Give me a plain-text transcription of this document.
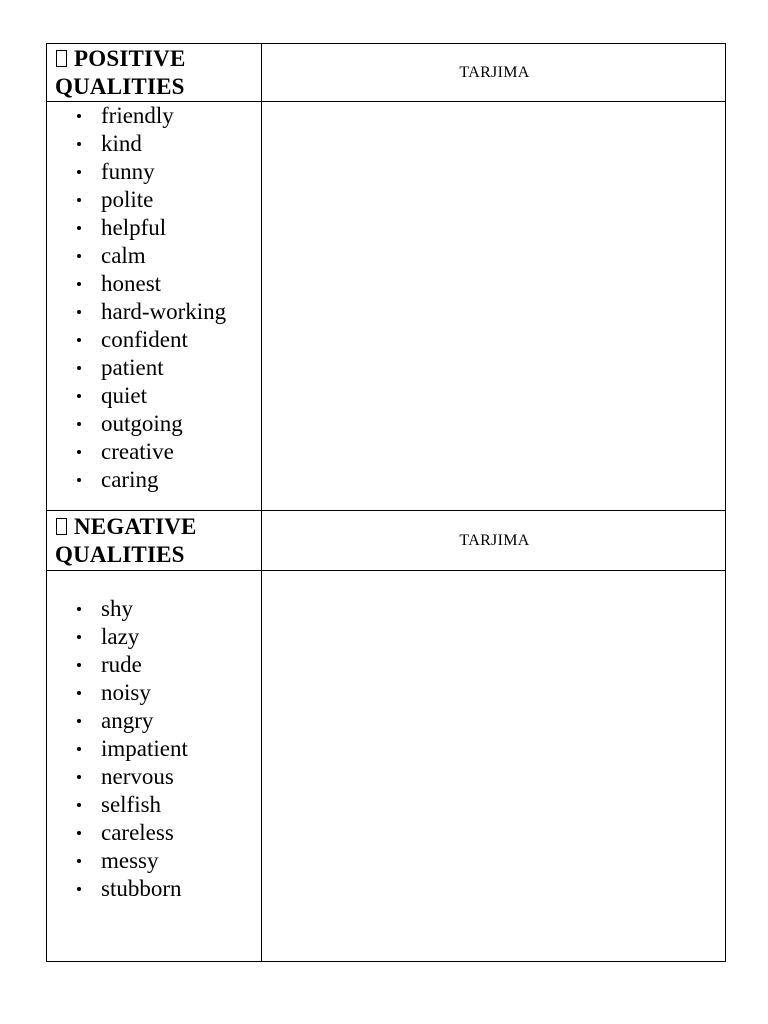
POSITIVE
QUALITIES
TARJIMA
friendly
kind
funny
polite
helpful
calm
honest
hard-working
confident
patient
quiet
outgoing
creative
caring
NEGATIVE
QUALITIES
TARJIMA
shy
lazy
rude
noisy
angry
impatient
nervous
selfish
careless
messy
stubborn
